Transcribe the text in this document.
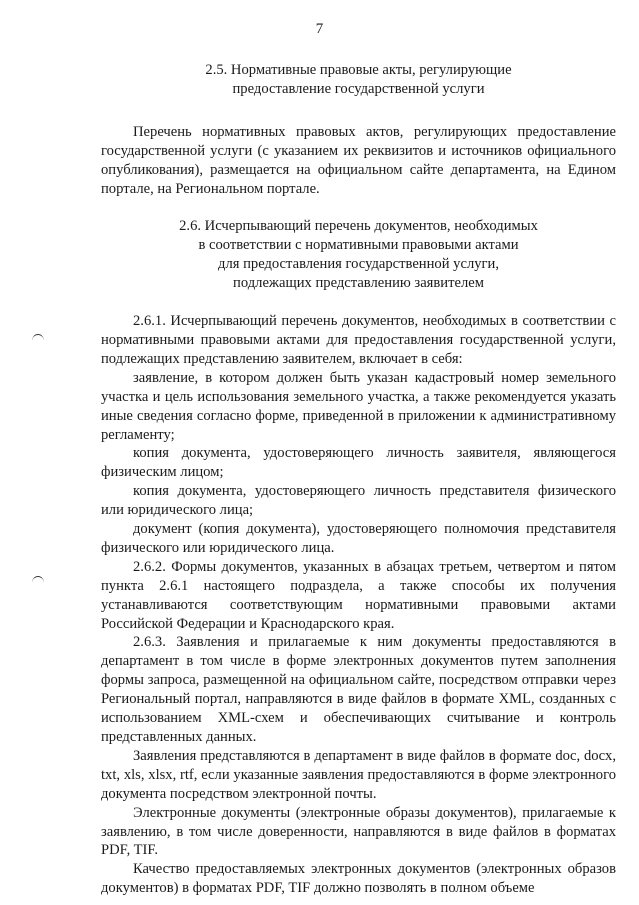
7
2.5. Нормативные правовые акты, регулирующие
предоставление государственной услуги

Перечень нормативных правовых актов, регулирующих предоставление государственной услуги (с указанием их реквизитов и источников официального опубликования), размещается на официальном сайте департамента, на Едином портале, на Региональном портале.

2.6. Исчерпывающий перечень документов, необходимых
в соответствии с нормативными правовыми актами
для предоставления государственной услуги,
подлежащих представлению заявителем

2.6.1. Исчерпывающий перечень документов, необходимых в соответствии с нормативными правовыми актами для предоставления государственной услуги, подлежащих представлению заявителем, включает в себя:

заявление, в котором должен быть указан кадастровый номер земельного участка и цель использования земельного участка, а также рекомендуется указать иные сведения согласно форме, приведенной в приложении к административному регламенту;

копия документа, удостоверяющего личность заявителя, являющегося физическим лицом;

копия документа, удостоверяющего личность представителя физического или юридического лица;

документ (копия документа), удостоверяющего полномочия представителя физического или юридического лица.

2.6.2. Формы документов, указанных в абзацах третьем, четвертом и пятом пункта 2.6.1 настоящего подраздела, а также способы их получения устанавливаются соответствующим нормативными правовыми актами Российской Федерации и Краснодарского края.

2.6.3. Заявления и прилагаемые к ним документы предоставляются в департамент в том числе в форме электронных документов путем заполнения формы запроса, размещенной на официальном сайте, посредством отправки через Региональный портал, направляются в виде файлов в формате XML, созданных с использованием XML-схем и обеспечивающих считывание и контроль представленных данных.

Заявления представляются в департамент в виде файлов в формате doc, docx, txt, xls, xlsx, rtf, если указанные заявления предоставляются в форме электронного документа посредством электронной почты.

Электронные документы (электронные образы документов), прилагаемые к заявлению, в том числе доверенности, направляются в виде файлов в форматах PDF, TIF.

Качество предоставляемых электронных документов (электронных образов документов) в форматах PDF, TIF должно позволять в полном объеме
